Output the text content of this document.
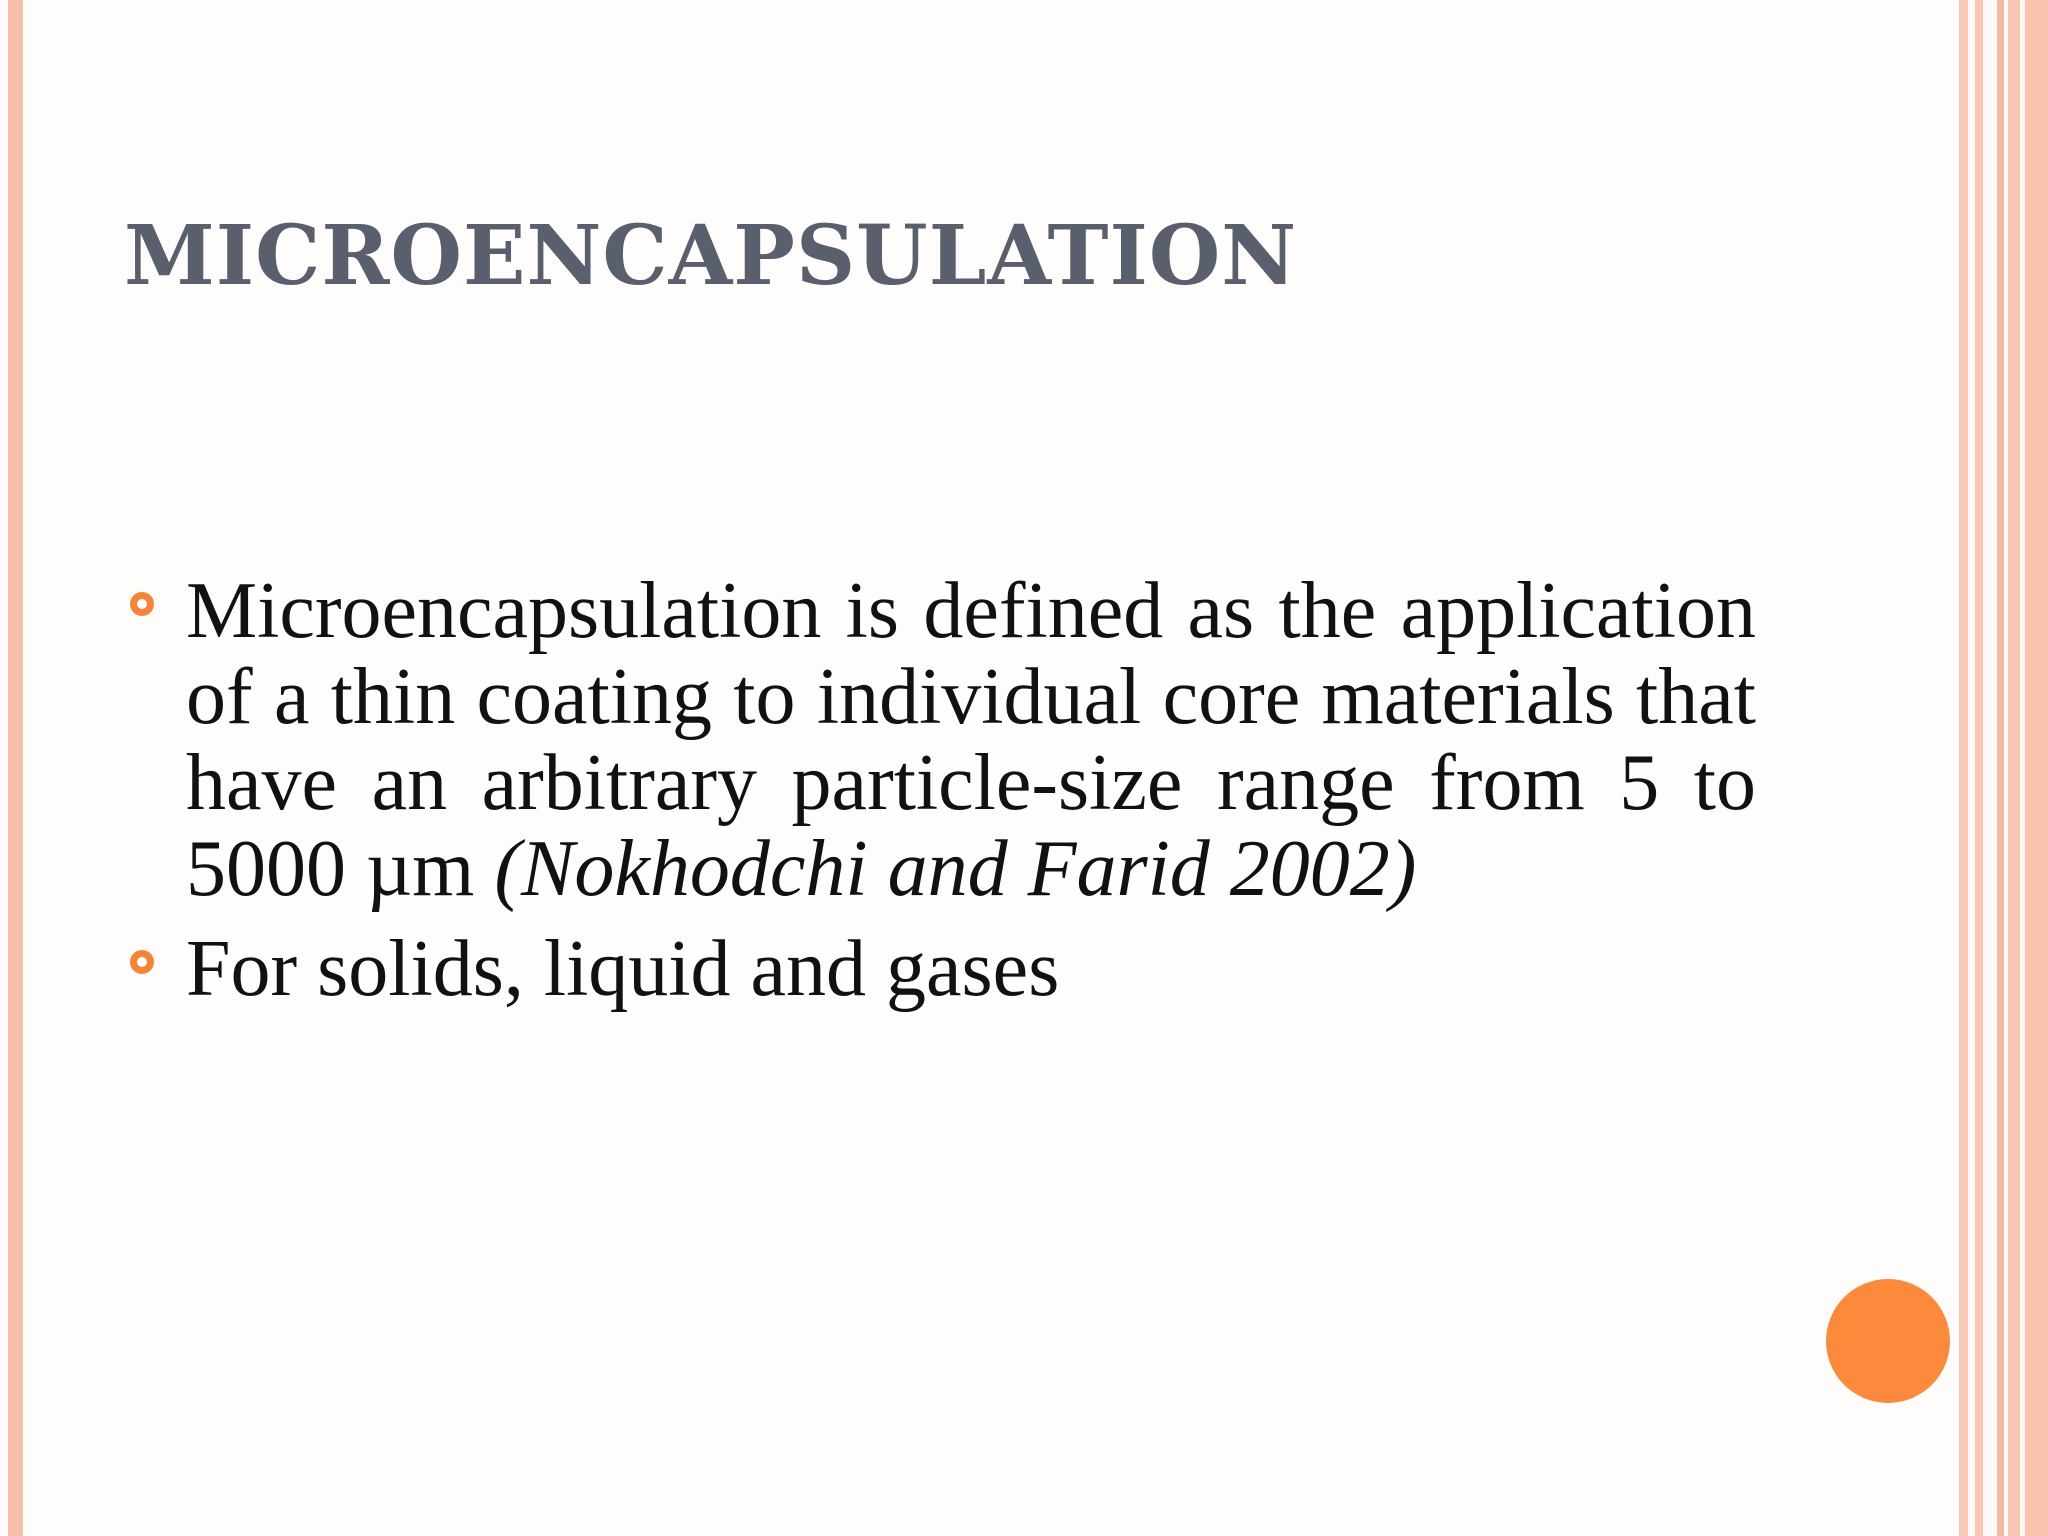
MICROENCAPSULATION
Microencapsulation is defined as the application of a thin coating to individual core materials that have an arbitrary particle-size range from 5 to 5000 µm (Nokhodchi and Farid 2002)
For solids, liquid and gases
